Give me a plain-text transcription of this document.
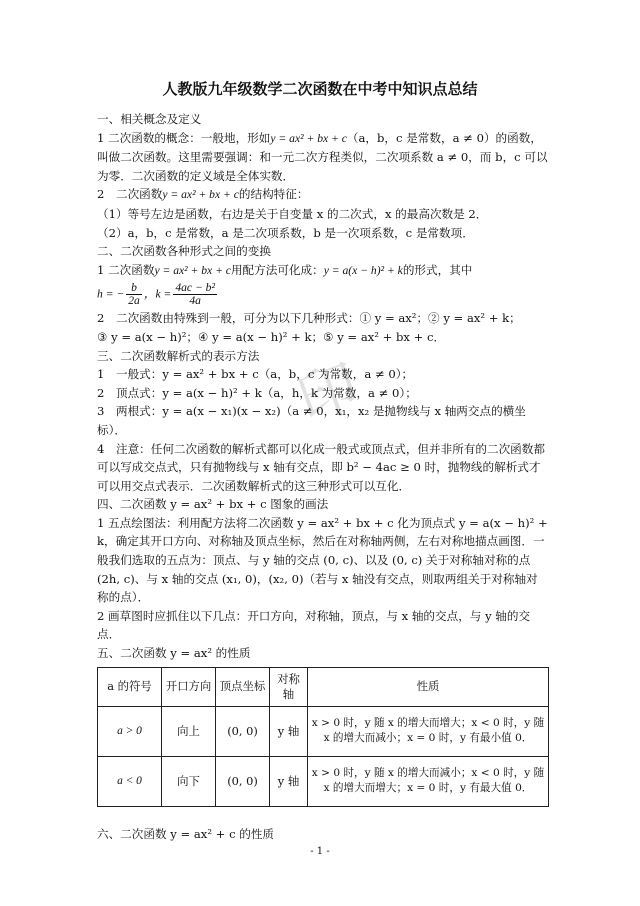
印
人教版九年级数学二次函数在中考中知识点总结

一、相关概念及定义

1 二次函数的概念：一般地，形如y = ax² + bx + c（a，b，c 是常数，a ≠ 0）的函数，叫做二次函数。这里需要强调：和一元二次方程类似，二次项系数 a ≠ 0，而 b，c 可以为零．二次函数的定义域是全体实数．

2　二次函数y = ax² + bx + c的结构特征：

（1）等号左边是函数，右边是关于自变量 x 的二次式，x 的最高次数是 2．

（2）a，b，c 是常数，a 是二次项系数，b 是一次项系数，c 是常数项．

二、二次函数各种形式之间的变换

1 二次函数y = ax² + bx + c用配方法可化成：y = a(x − h)² + k的形式，其中

h = − $\frac{b}{2a}$ ，$k = \frac{\text{4ac − b²}}{4a}$

2　二次函数由特殊到一般，可分为以下几种形式：① y = ax²；② y = ax² + k；

③ y = a(x − h)²；④ y = a(x − h)² + k；⑤ y = ax² + bx + c．

三、二次函数解析式的表示方法

1　一般式：y = ax² + bx + c（a，b，c 为常数，a ≠ 0）；

2　顶点式：y = a(x − h)² + k（a，h，k 为常数，a ≠ 0）；

3　两根式：y = a(x − x₁)(x − x₂)（a ≠ 0，x₁，x₂ 是抛物线与 x 轴两交点的横坐标）．

4　注意：任何二次函数的解析式都可以化成一般式或顶点式，但并非所有的二次函数都可以写成交点式，只有抛物线与 x 轴有交点，即 b² − 4ac ≥ 0 时，抛物线的解析式才可以用交点式表示．二次函数解析式的这三种形式可以互化．

四、二次函数 y = ax² + bx + c 图象的画法

1 五点绘图法：利用配方法将二次函数 y = ax² + bx + c 化为顶点式 y = a(x − h)² + k，确定其开口方向、对称轴及顶点坐标，然后在对称轴两侧，左右对称地描点画图．一般我们选取的五点为：顶点、与 y 轴的交点 (0, c)、以及 (0, c) 关于对称轴对称的点 (2h, c)、与 x 轴的交点 (x₁, 0)，(x₂, 0)（若与 x 轴没有交点，则取两组关于对称轴对称的点）．

2 画草图时应抓住以下几点：开口方向，对称轴，顶点，与 x 轴的交点，与 y 轴的交点．

五、二次函数 y = ax² 的性质

a 的符号	开口方向	顶点坐标	对称轴	性质
a > 0	向上	(0, 0)	y 轴	x > 0 时，y 随 x 的增大而增大；x < 0 时，y 随 x 的增大而减小；x = 0 时，y 有最小值 0．
a < 0	向下	(0, 0)	y 轴	x > 0 时，y 随 x 的增大而减小；x < 0 时，y 随 x 的增大而增大；x = 0 时，y 有最大值 0．

六、二次函数 y = ax² + c 的性质

- 1 -
